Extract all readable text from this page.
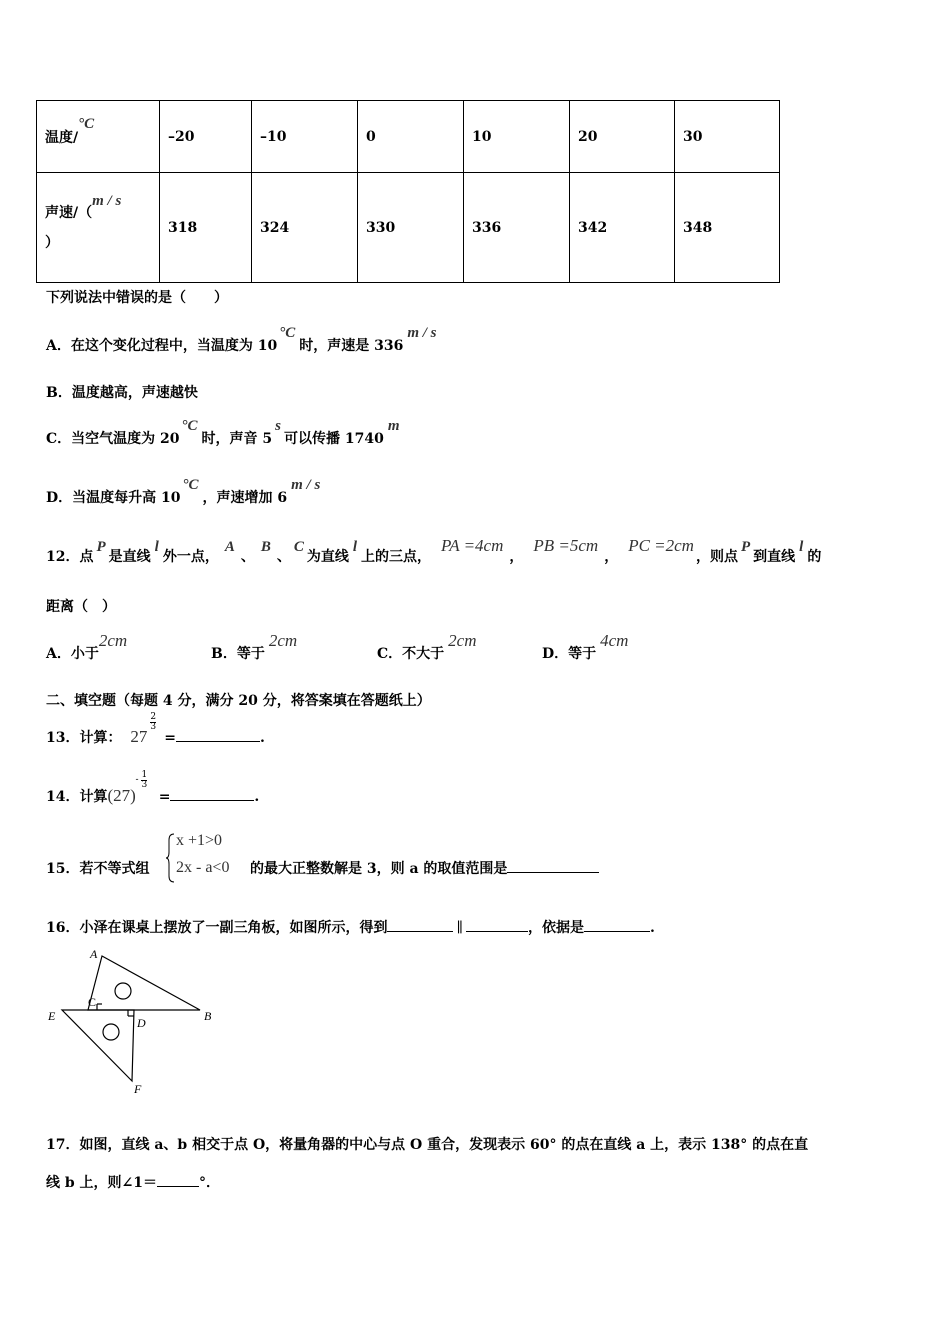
温度/°C	–20	–10	0	10	20	30
声速/（m / s
）	318	324	330	336	342	348
下列说法中错误的是（　　）
A．在这个变化过程中，当温度为 10°C时，声速是 336m / s
B．温度越高，声速越快
C．当空气温度为 20°C时，声音 5s可以传播 1740m
D．当温度每升高 10°C，声速增加 6m / s
12．点P是直线l外一点，A、B、C为直线l上的三点，PA =4cm，PB =5cm，PC =2cm，则点P到直线l的
距离（　）
A．小于2cm
B．等于2cm
C．不大于2cm
D．等于4cm
二、填空题（每题 4 分，满分 20 分，将答案填在答题纸上）
13．计算： 27
$\frac{2}{3}$
=	.
14．计算(27)
- 1
3
=	.
15．若不等式组
x +1>0
2x - a<0 的最大正整数解是 3，则 a 的取值范围是
16．小泽在课桌上摆放了一副三角板，如图所示，得到	∥	，依据是	.
A
B
C
D
E
F
17．如图，直线 a、b 相交于点 O，将量角器的中心与点 O 重合，发现表示 60° 的点在直线 a 上，表示 138° 的点在直
线 b 上，则∠1＝	°．
